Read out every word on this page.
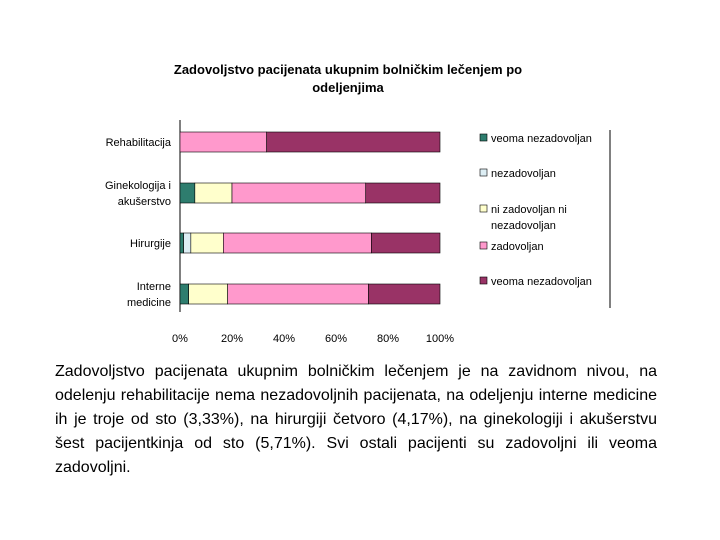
Zadovoljstvo pacijenata ukupnim bolničkim lečenjem po
odeljenjima
Rehabilitacija
Ginekologija i
akušerstvo
Hirurgije
Interne
medicine
0%	20%	40%	60%	80% 100%
veoma nezadovoljan
nezadovoljan
ni zadovoljan ni
nezadovoljan
zadovoljan
veoma nezadovoljan
Zadovoljstvo pacijenata ukupnim bolničkim lečenjem je na zavidnom nivou, na odelenju rehabilitacije nema nezadovoljnih pacijenata, na odeljenju interne medicine ih je troje od sto (3,33%), na hirurgiji četvoro (4,17%), na ginekologiji i akušerstvu šest pacijentkinja od sto (5,71%). Svi ostali pacijenti su zadovoljni ili veoma zadovoljni.
